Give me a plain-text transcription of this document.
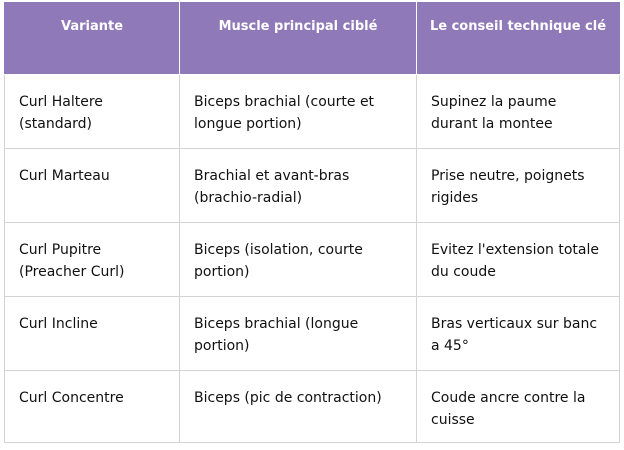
Variante	Muscle principal ciblé	Le conseil technique clé
Curl Haltere (standard)	Biceps brachial (courte et longue portion)	Supinez la paume durant la montee
Curl Marteau	Brachial et avant-bras (brachio-radial)	Prise neutre, poignets rigides
Curl Pupitre (Preacher Curl)	Biceps (isolation, courte portion)	Evitez l'extension totale du coude
Curl Incline	Biceps brachial (longue portion)	Bras verticaux sur banc a 45°
Curl Concentre	Biceps (pic de contraction)	Coude ancre contre la cuisse
